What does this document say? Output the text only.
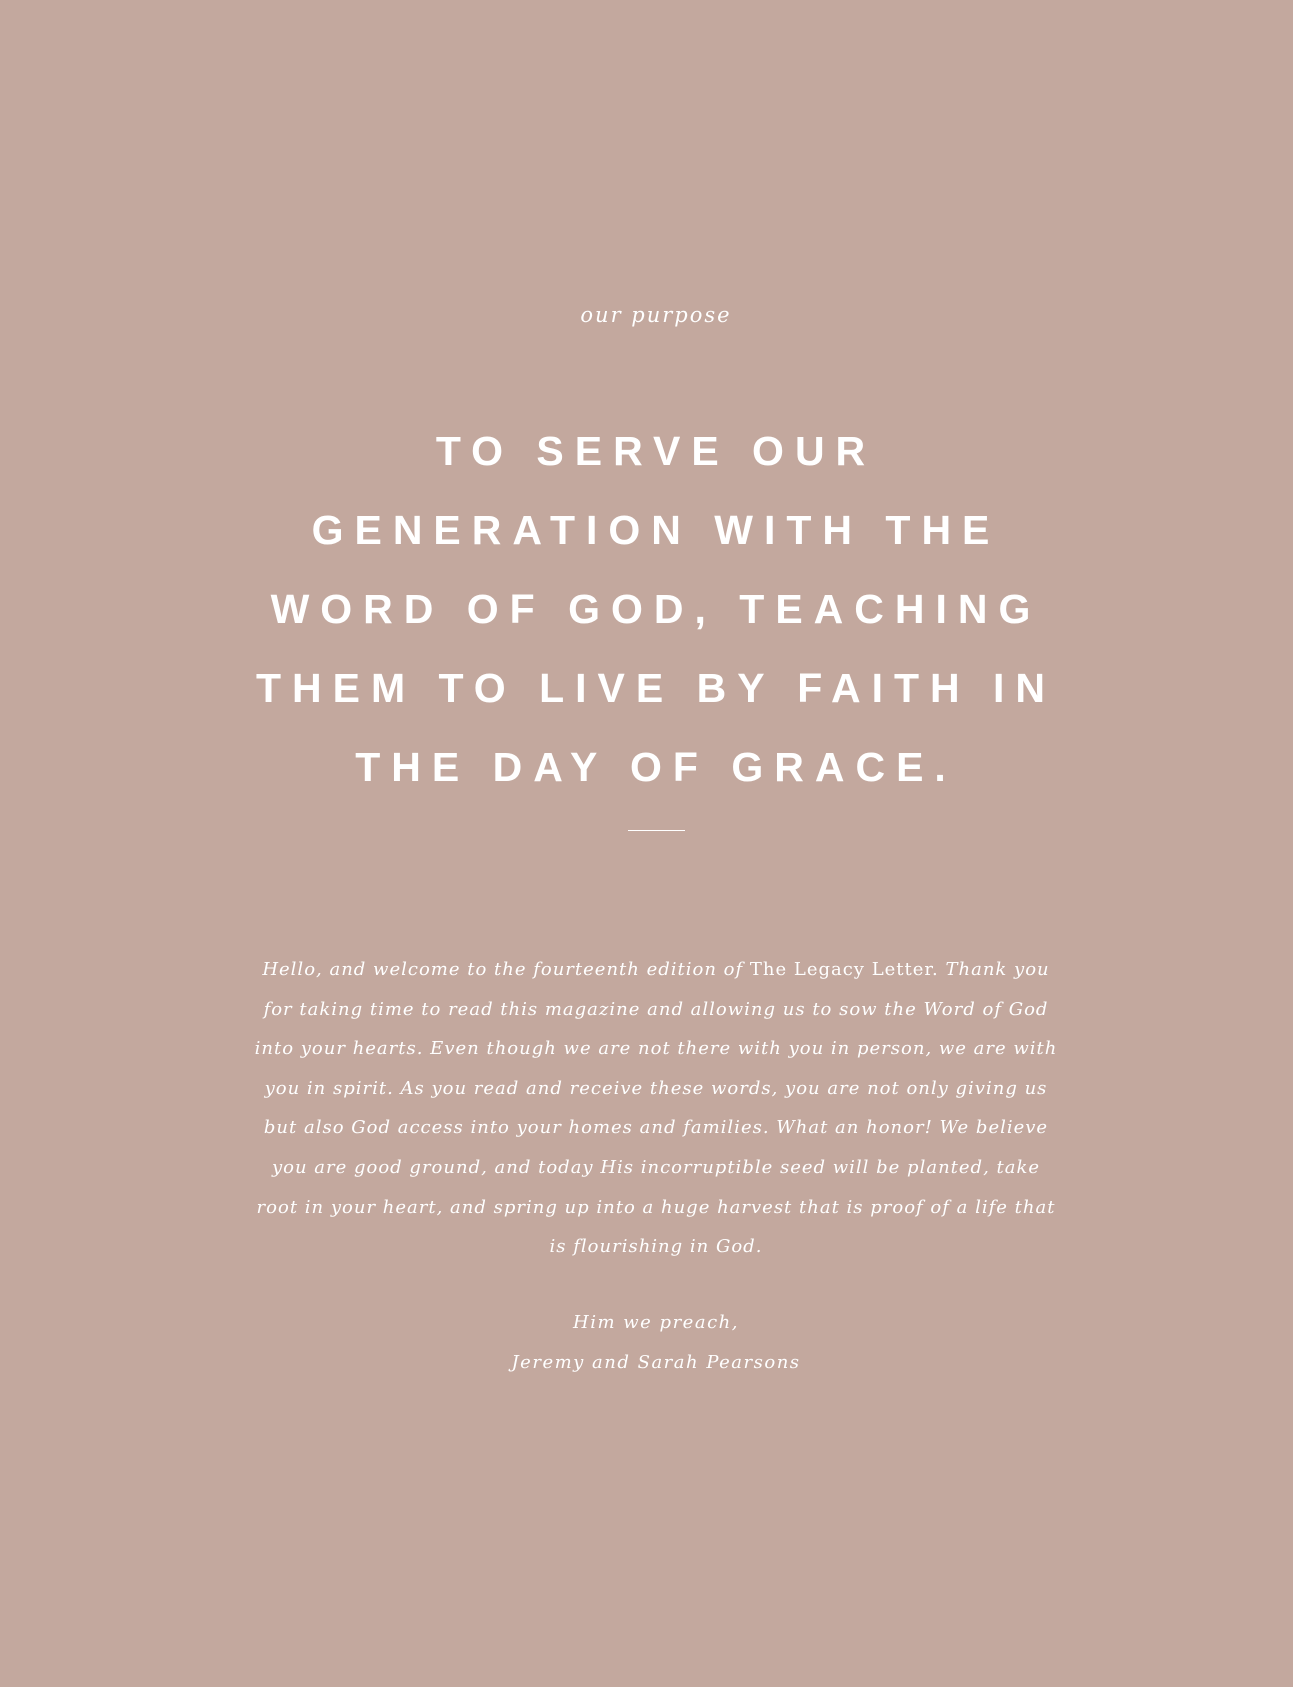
our purpose
TO SERVE OUR
GENERATION WITH THE
WORD OF GOD, TEACHING
THEM TO LIVE BY FAITH IN
THE DAY OF GRACE.

Hello, and welcome to the fourteenth edition of The Legacy Letter. Thank you for taking time to read this magazine and allowing us to sow the Word of God into your hearts. Even though we are not there with you in person, we are with you in spirit. As you read and receive these words, you are not only giving us but also God access into your homes and families. What an honor! We believe you are good ground, and today His incorruptible seed will be planted, take root in your heart, and spring up into a huge harvest that is proof of a life that is flourishing in God.

Him we preach,
Jeremy and Sarah Pearsons
